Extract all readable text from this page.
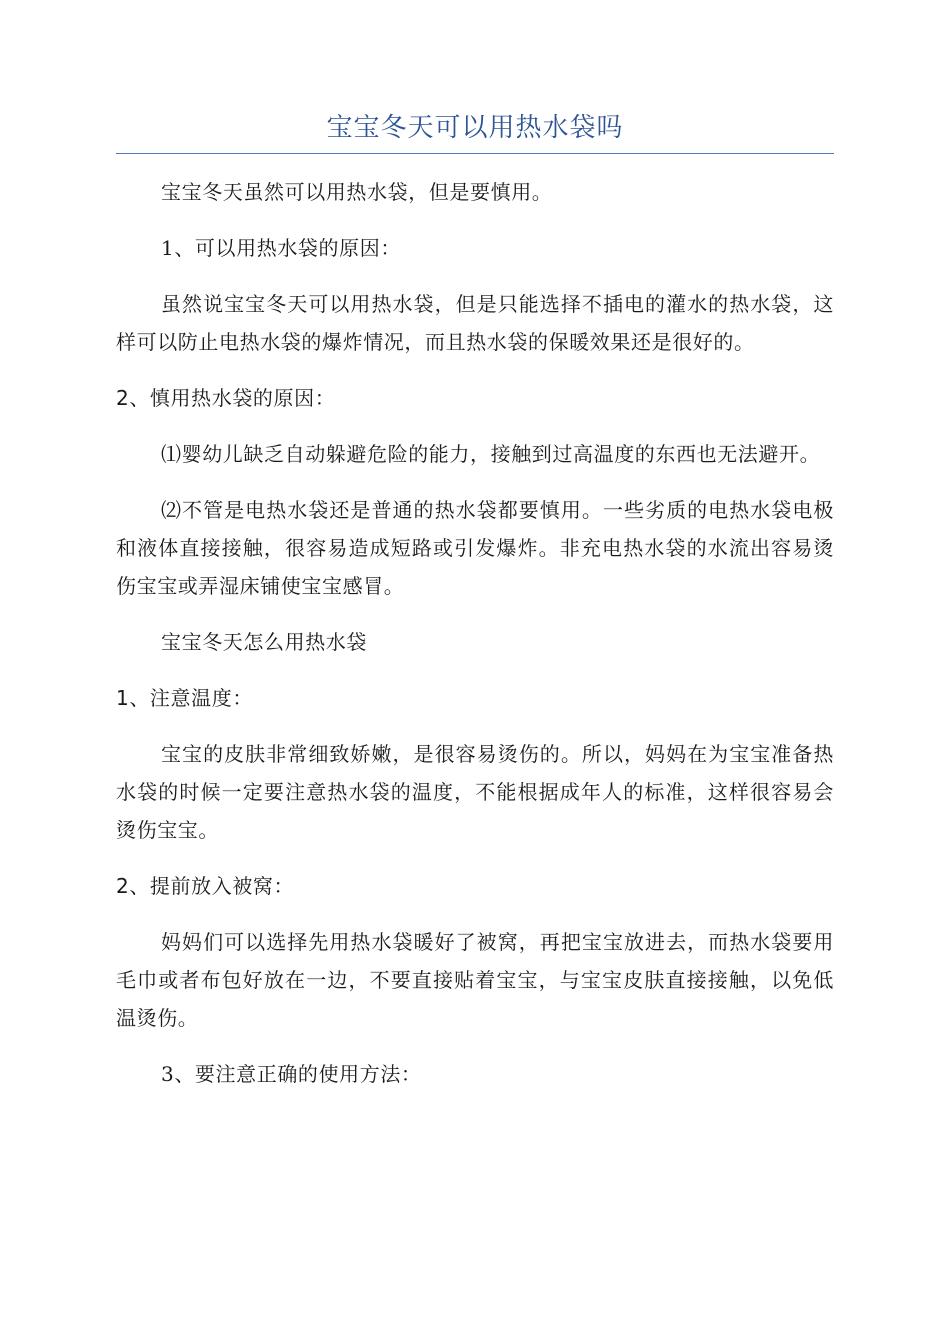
宝宝冬天可以用热水袋吗

宝宝冬天虽然可以用热水袋，但是要慎用。

1、可以用热水袋的原因：

虽然说宝宝冬天可以用热水袋，但是只能选择不插电的灌水的热水袋，这样可以防止电热水袋的爆炸情况，而且热水袋的保暖效果还是很好的。

2、慎用热水袋的原因：

⑴婴幼儿缺乏自动躲避危险的能力，接触到过高温度的东西也无法避开。

⑵不管是电热水袋还是普通的热水袋都要慎用。一些劣质的电热水袋电极和液体直接接触，很容易造成短路或引发爆炸。非充电热水袋的水流出容易烫伤宝宝或弄湿床铺使宝宝感冒。

宝宝冬天怎么用热水袋

1、注意温度：

宝宝的皮肤非常细致娇嫩，是很容易烫伤的。所以，妈妈在为宝宝准备热水袋的时候一定要注意热水袋的温度，不能根据成年人的标准，这样很容易会烫伤宝宝。

2、提前放入被窝：

妈妈们可以选择先用热水袋暖好了被窝，再把宝宝放进去，而热水袋要用毛巾或者布包好放在一边，不要直接贴着宝宝，与宝宝皮肤直接接触，以免低温烫伤。

3、要注意正确的使用方法：
